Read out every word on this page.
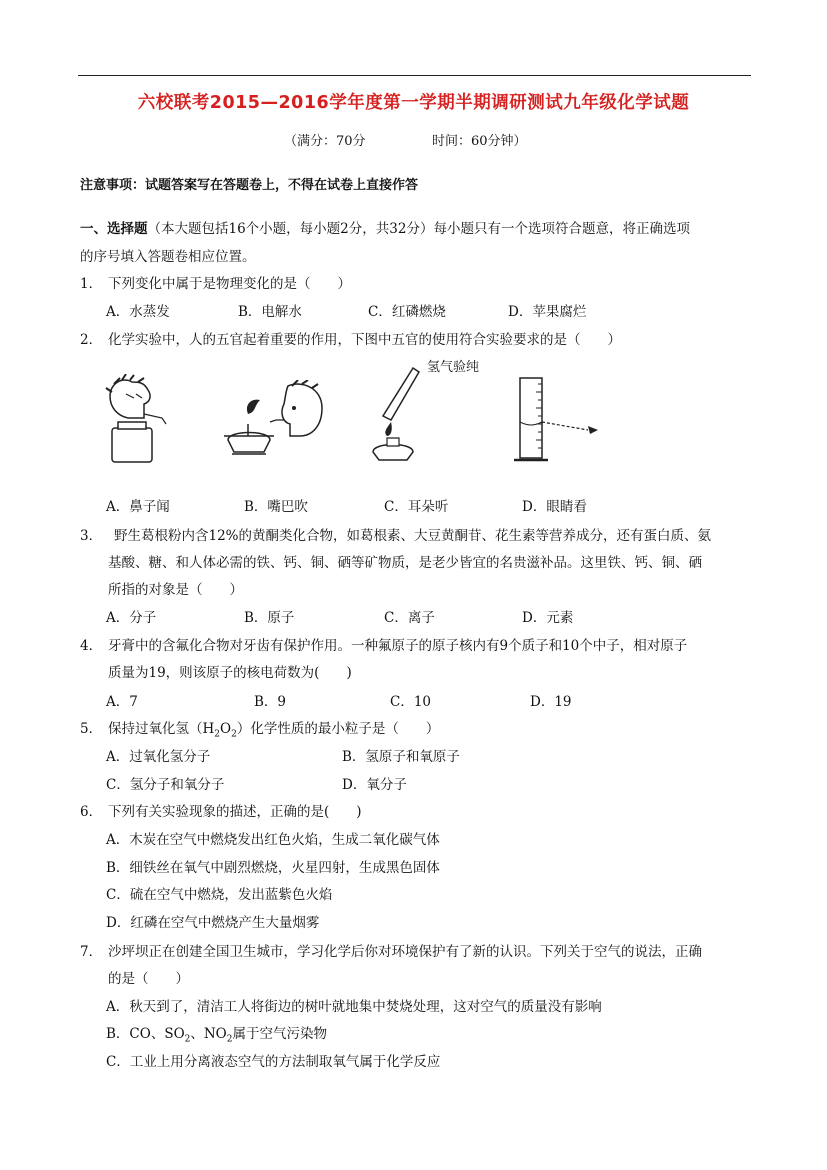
六校联考2015—2016学年度第一学期半期调研测试九年级化学试题
（满分：70分	时间：60分钟）
注意事项：试题答案写在答题卷上，不得在试卷上直接作答
一、选择题（本大题包括16个小题，每小题2分，共32分）每小题只有一个选项符合题意，将正确选项
的序号填入答题卷相应位置。
1． 下列变化中属于是物理变化的是（　　）
A．水蒸发	B．电解水	C．红磷燃烧	D．苹果腐烂
2． 化学实验中，人的五官起着重要的作用，下图中五官的使用符合实验要求的是（　　）
氢气验纯
A．鼻子闻	B．嘴巴吹	C．耳朵听	D．眼睛看
3． 野生葛根粉内含12%的黄酮类化合物，如葛根素、大豆黄酮苷、花生素等营养成分，还有蛋白质、氨
基酸、糖、和人体必需的铁、钙、铜、硒等矿物质，是老少皆宜的名贵滋补品。这里铁、钙、铜、硒
所指的对象是（　　）
A．分子	B．原子	C．离子	D．元素
4． 牙膏中的含氟化合物对牙齿有保护作用。一种氟原子的原子核内有9个质子和10个中子，相对原子
质量为19，则该原子的核电荷数为(　　)
A．7	B．9	C．10	D．19
5． 保持过氧化氢$(H_2O_2)$化学性质的最小粒子是（　　）
A．过氧化氢分子	B．氢原子和氧原子
C．氢分子和氧分子	D．氧分子
6． 下列有关实验现象的描述，正确的是(　　)
A．木炭在空气中燃烧发出红色火焰，生成二氧化碳气体
B．细铁丝在氧气中剧烈燃烧，火星四射，生成黑色固体
C．硫在空气中燃烧，发出蓝紫色火焰
D．红磷在空气中燃烧产生大量烟雾
7． 沙坪坝正在创建全国卫生城市，学习化学后你对环境保护有了新的认识。下列关于空气的说法，正确
的是（　　）
A．秋天到了，清洁工人将街边的树叶就地集中焚烧处理，这对空气的质量没有影响
B．CO、$SO_2$、$NO_2$属于空气污染物
C．工业上用分离液态空气的方法制取氧气属于化学反应
